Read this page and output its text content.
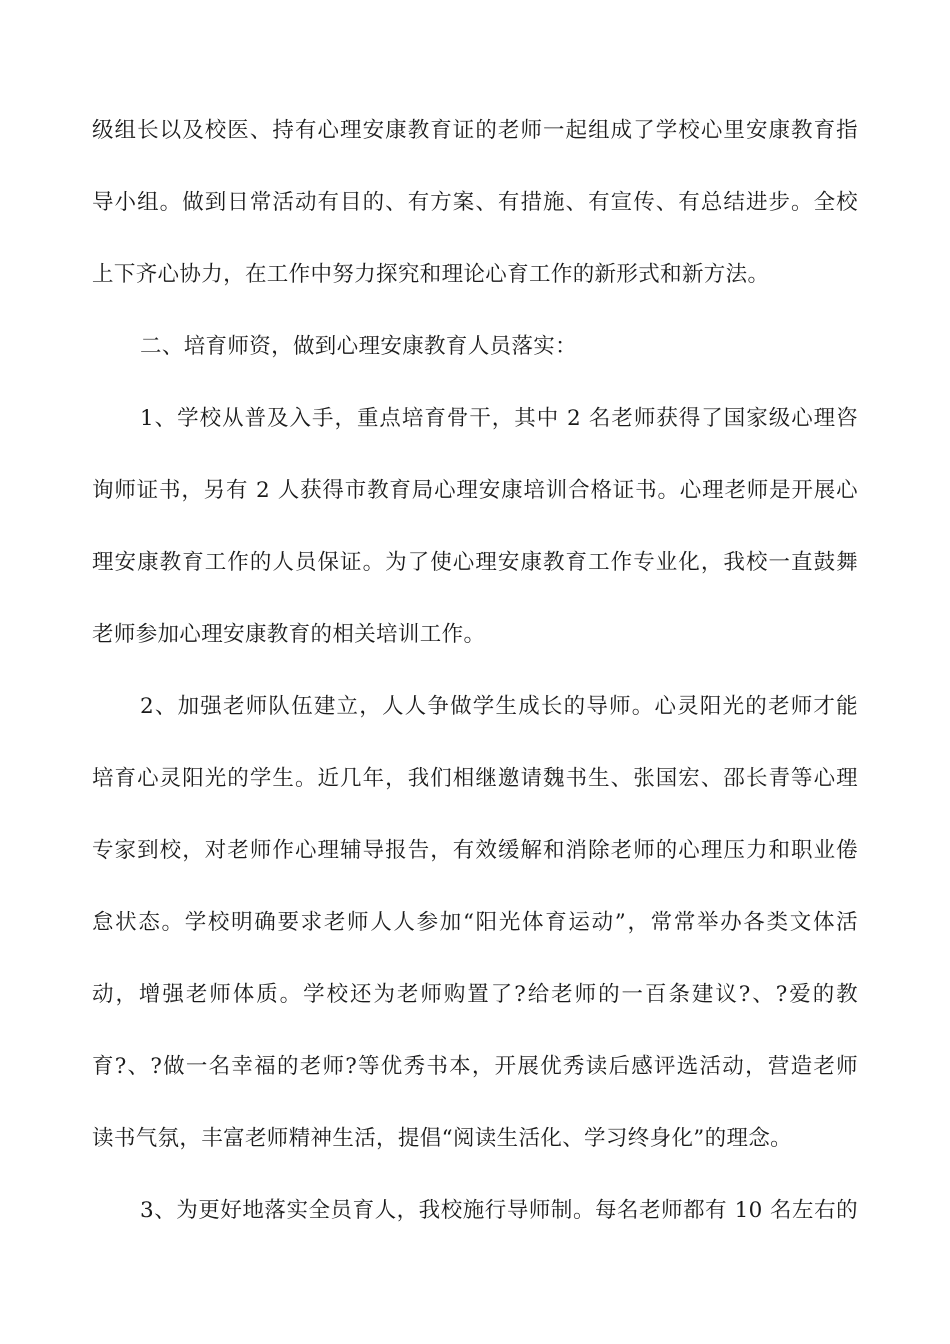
级组长以及校医、持有心理安康教育证的老师一起组成了学校心里安康教育指
导小组。做到日常活动有目的、有方案、有措施、有宣传、有总结进步。全校
上下齐心协力，在工作中努力探究和理论心育工作的新形式和新方法。
二、培育师资，做到心理安康教育人员落实：
1、学校从普及入手，重点培育骨干，其中 2 名老师获得了国家级心理咨
询师证书，另有 2 人获得市教育局心理安康培训合格证书。心理老师是开展心
理安康教育工作的人员保证。为了使心理安康教育工作专业化，我校一直鼓舞
老师参加心理安康教育的相关培训工作。
2、加强老师队伍建立，人人争做学生成长的导师。心灵阳光的老师才能
培育心灵阳光的学生。近几年，我们相继邀请魏书生、张国宏、邵长青等心理
专家到校，对老师作心理辅导报告，有效缓解和消除老师的心理压力和职业倦
怠状态。学校明确要求老师人人参加“阳光体育运动”，常常举办各类文体活
动，增强老师体质。学校还为老师购置了?给老师的一百条建议?、?爱的教
育?、?做一名幸福的老师?等优秀书本，开展优秀读后感评选活动，营造老师
读书气氛，丰富老师精神生活，提倡“阅读生活化、学习终身化”的理念。
3、为更好地落实全员育人，我校施行导师制。每名老师都有 10 名左右的
